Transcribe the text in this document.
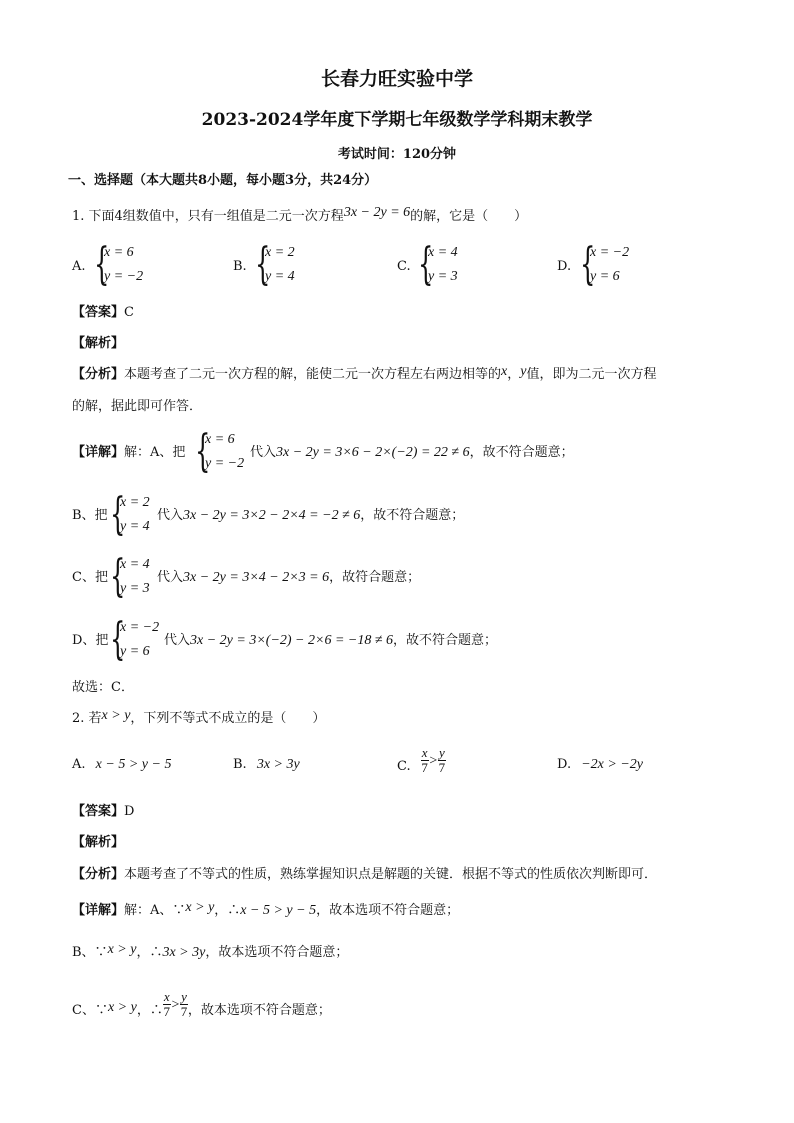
长春力旺实验中学
2023-2024学年度下学期七年级数学学科期末教学
考试时间：120分钟
一、选择题（本大题共8小题，每小题3分，共24分）
1. 下面4组数值中，只有一组值是二元一次方程3x − 2y = 6的解，它是（　　）
A. {
x = 6
y = −2
B. {
x = 2
y = 4
C. {
x = 4
y = 3
D. {
x = −2
y = 6
【答案】C
【解析】
【分析】本题考查了二元一次方程的解，能使二元一次方程左右两边相等的x，y值，即为二元一次方程
的解，据此即可作答．
【详解】解：A、把 {
x = 6
y = −2
代入3x − 2y = 3×6 − 2×(−2) = 22 ≠ 6，故不符合题意；
B、把 {
x = 2
y = 4
代入3x − 2y = 3×2 − 2×4 = −2 ≠ 6，故不符合题意；
C、把 {
x = 4
y = 3
代入3x − 2y = 3×4 − 2×3 = 6，故符合题意；
D、把 {
x = −2
y = 6
代入3x − 2y = 3×(−2) − 2×6 = −18 ≠ 6，故不符合题意；
故选：C．
2. 若x > y，下列不等式不成立的是（　　）
A. x − 5 > y − 5	B. 3x > 3y	C. $\frac{x}{7} > \frac{y}{7}$	D. −2x > −2y
【答案】D
【解析】
【分析】本题考查了不等式的性质，熟练掌握知识点是解题的关键．根据不等式的性质依次判断即可．
【详解】解：A、∵x > y，∴x − 5 > y − 5，故本选项不符合题意；
B、∵x > y，∴3x > 3y，故本选项不符合题意；
C、∵x > y，∴ $\frac{x}{7} > \frac{y}{7}$ ，故本选项不符合题意；
